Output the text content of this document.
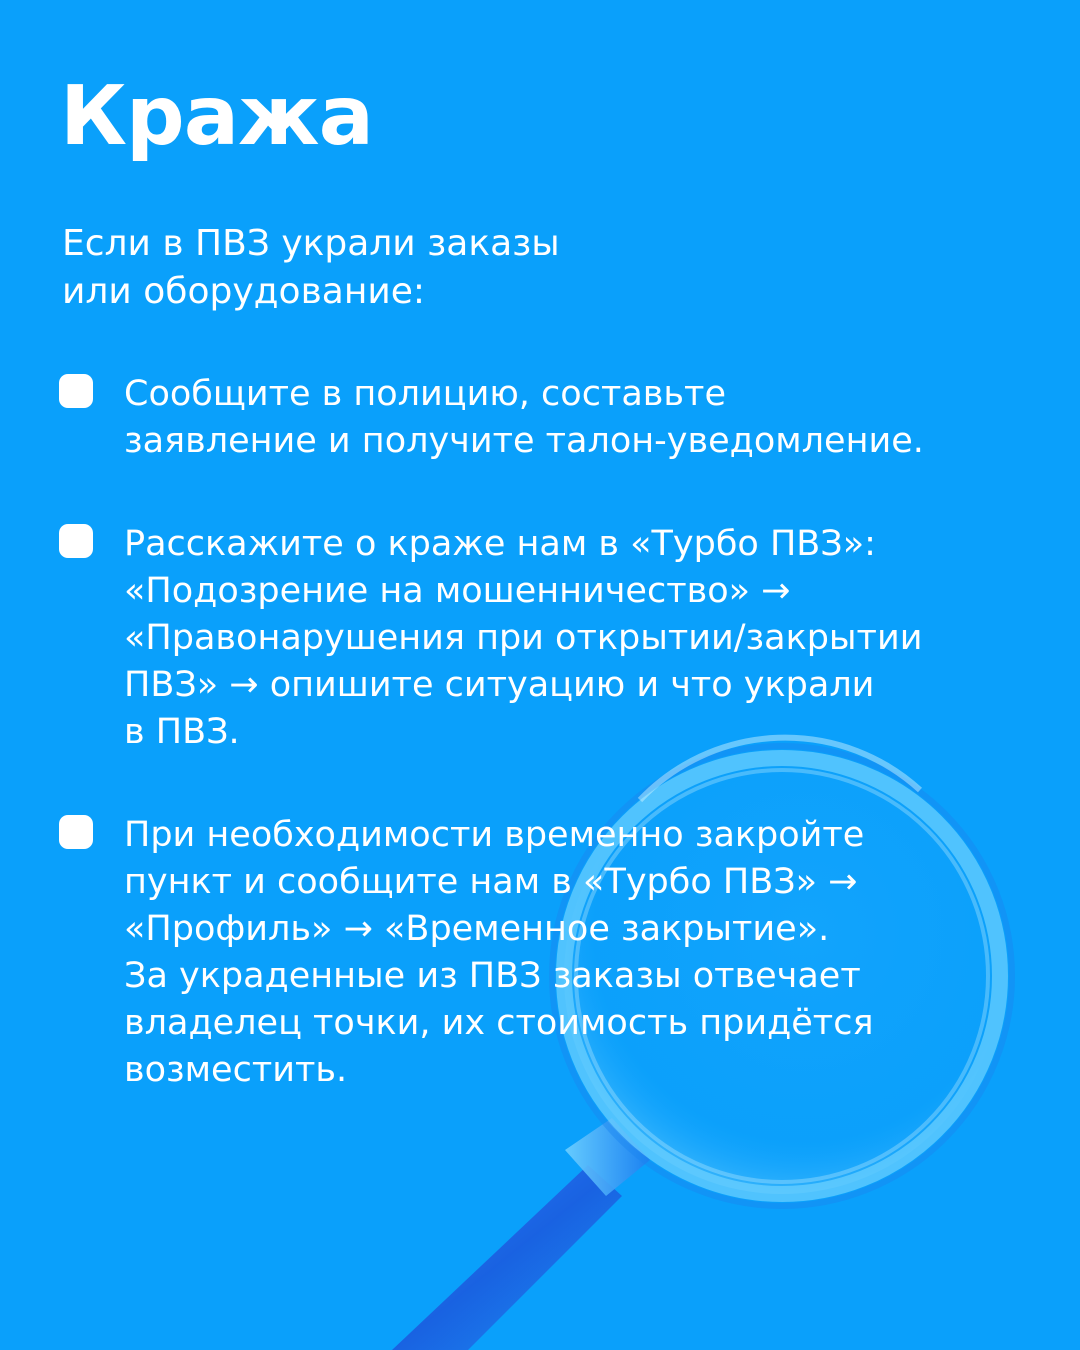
Кража

Если в ПВЗ украли заказы
или оборудование:

Сообщите в полицию, составьте
заявление и получите талон-уведомление.

Расскажите о краже нам в «Турбо ПВЗ»:
«Подозрение на мошенничество» →
«Правонарушения при открытии/закрытии
ПВЗ» → опишите ситуацию и что украли
в ПВЗ.

При необходимости временно закройте
пункт и сообщите нам в «Турбо ПВЗ» →
«Профиль» → «Временное закрытие».
За украденные из ПВЗ заказы отвечает
владелец точки, их стоимость придётся
возместить.
